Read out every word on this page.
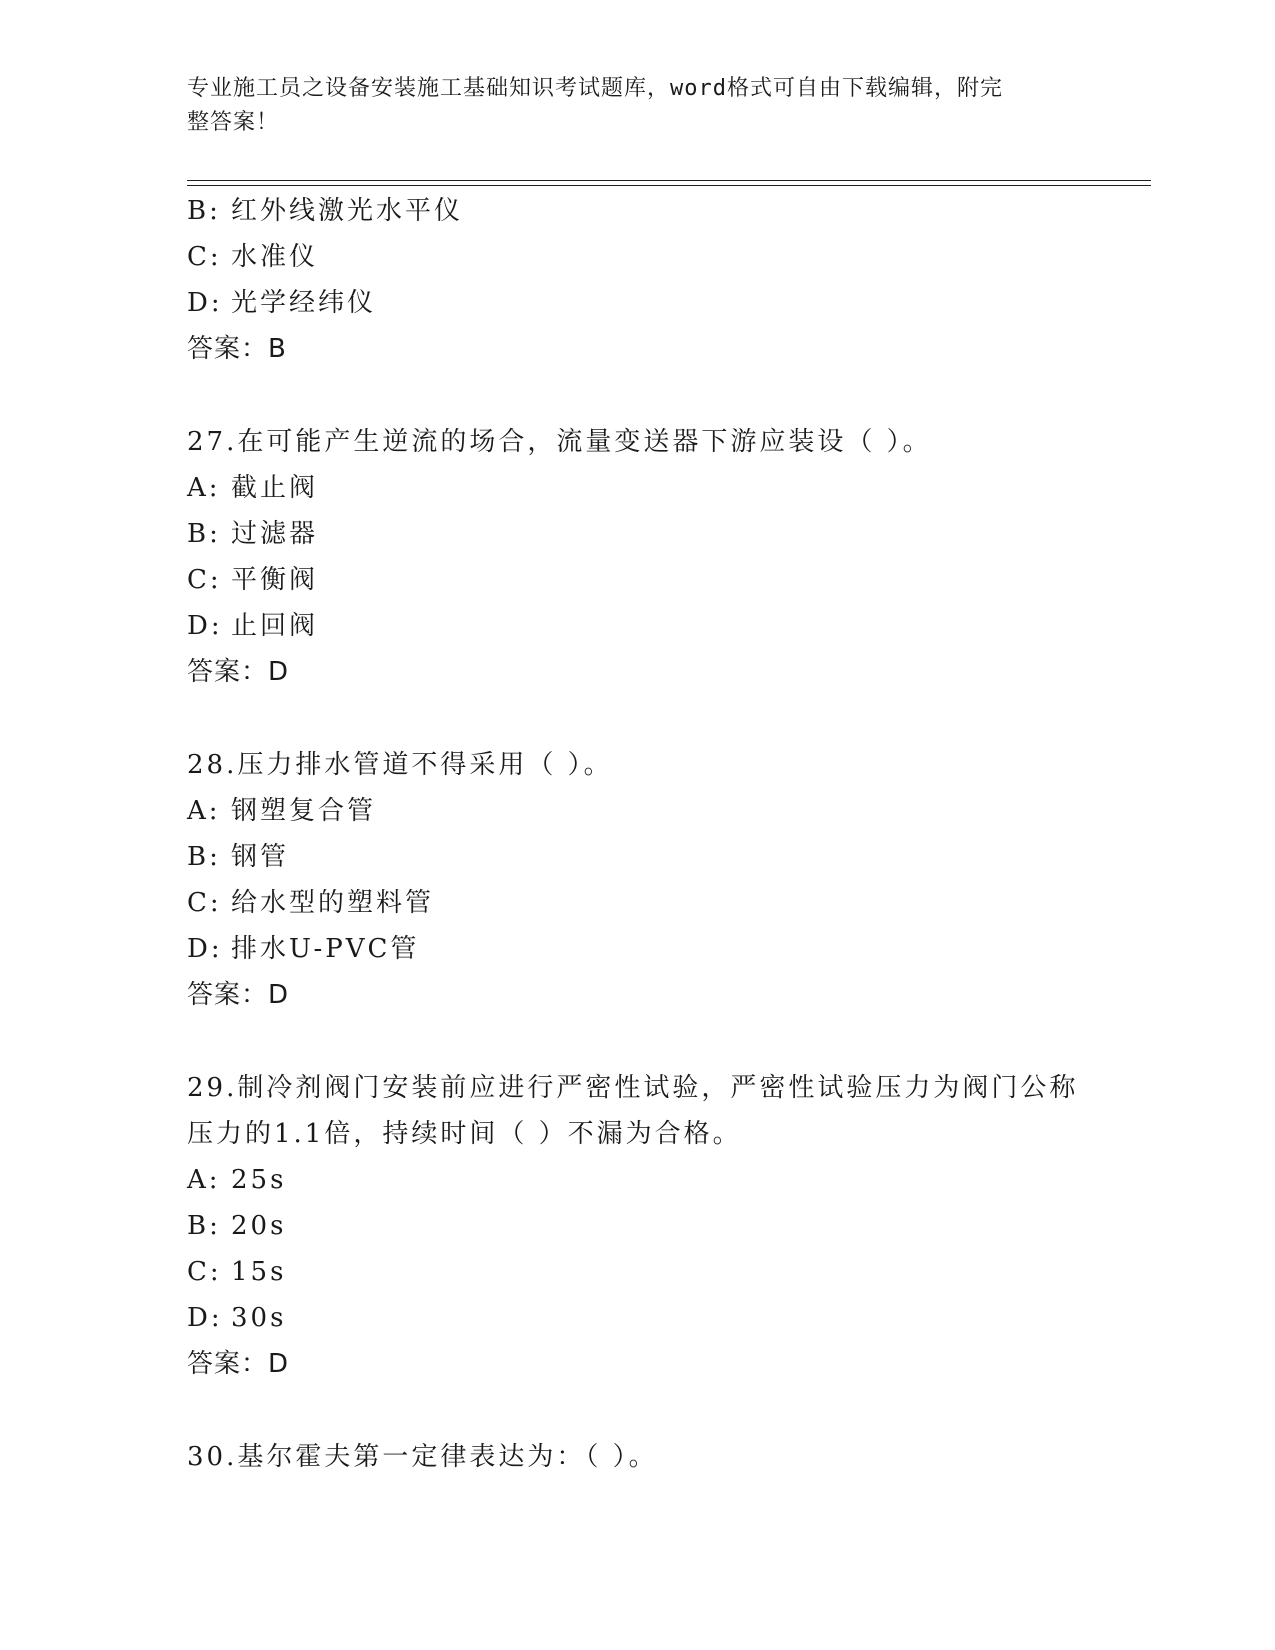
专业施工员之设备安装施工基础知识考试题库，word格式可自由下载编辑，附完
整答案！
B: 红外线激光水平仪
C: 水准仪
D: 光学经纬仪
答案：B
27.在可能产生逆流的场合，流量变送器下游应装设（ ）。
A: 截止阀
B: 过滤器
C: 平衡阀
D: 止回阀
答案：D
28.压力排水管道不得采用（ ）。
A: 钢塑复合管
B: 钢管
C: 给水型的塑料管
D: 排水U-PVC管
答案：D
29.制冷剂阀门安装前应进行严密性试验，严密性试验压力为阀门公称
压力的1.1倍，持续时间（ ）不漏为合格。
A: 25s
B: 20s
C: 15s
D: 30s
答案：D
30.基尔霍夫第一定律表达为：（ ）。
